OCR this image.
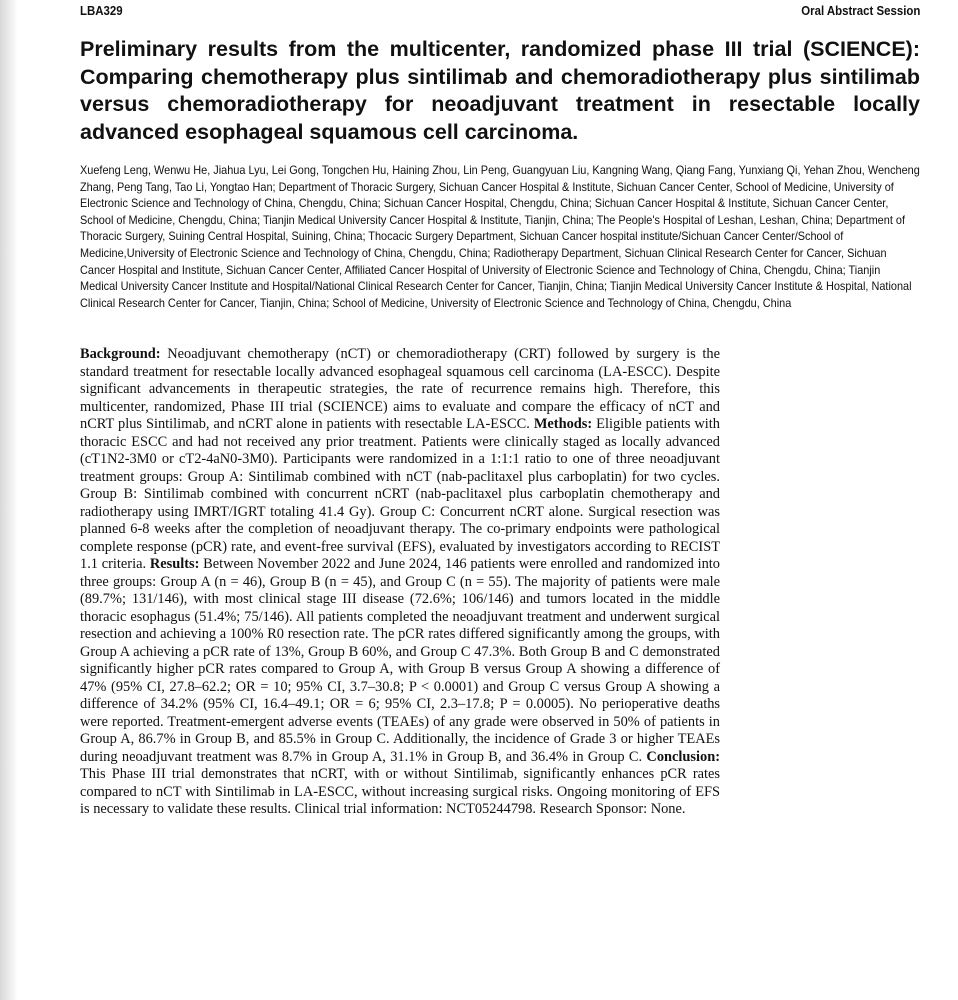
LBA329	Oral Abstract Session
Preliminary results from the multicenter, randomized phase III trial (SCIENCE): Comparing chemotherapy plus sintilimab and chemoradiotherapy plus sintilimab versus chemoradiotherapy for neoadjuvant treatment in resectable locally advanced esophageal squamous cell carcinoma.

Xuefeng Leng, Wenwu He, Jiahua Lyu, Lei Gong, Tongchen Hu, Haining Zhou, Lin Peng, Guangyuan Liu, Kangning Wang, Qiang Fang, Yunxiang Qi, Yehan Zhou, Wencheng Zhang, Peng Tang, Tao Li, Yongtao Han; Department of Thoracic Surgery, Sichuan Cancer Hospital & Institute, Sichuan Cancer Center, School of Medicine, University of Electronic Science and Technology of China, Chengdu, China; Sichuan Cancer Hospital, Chengdu, China; Sichuan Cancer Hospital & Institute, Sichuan Cancer Center, School of Medicine, Chengdu, China; Tianjin Medical University Cancer Hospital & Institute, Tianjin, China; The People's Hospital of Leshan, Leshan, China; Department of Thoracic Surgery, Suining Central Hospital, Suining, China; Thocacic Surgery Department, Sichuan Cancer hospital institute/Sichuan Cancer Center/School of Medicine,University of Electronic Science and Technology of China, Chengdu, China; Radiotherapy Department, Sichuan Clinical Research Center for Cancer, Sichuan Cancer Hospital and Institute, Sichuan Cancer Center, Affiliated Cancer Hospital of University of Electronic Science and Technology of China, Chengdu, China; Tianjin Medical University Cancer Institute and Hospital/National Clinical Research Center for Cancer, Tianjin, China; Tianjin Medical University Cancer Institute & Hospital, National Clinical Research Center for Cancer, Tianjin, China; School of Medicine, University of Electronic Science and Technology of China, Chengdu, China

Background: Neoadjuvant chemotherapy (nCT) or chemoradiotherapy (CRT) followed by surgery is the standard treatment for resectable locally advanced esophageal squamous cell carcinoma (LA-ESCC). Despite significant advancements in therapeutic strategies, the rate of recurrence remains high. Therefore, this multicenter, randomized, Phase III trial (SCIENCE) aims to evaluate and compare the efficacy of nCT and nCRT plus Sintilimab, and nCRT alone in patients with resectable LA-ESCC. Methods: Eligible patients with thoracic ESCC and had not received any prior treatment. Patients were clinically staged as locally advanced (cT1N2-3M0 or cT2-4aN0-3M0). Participants were randomized in a 1:1:1 ratio to one of three neoadjuvant treatment groups: Group A: Sintilimab combined with nCT (nab-paclitaxel plus carboplatin) for two cycles. Group B: Sintilimab combined with concurrent nCRT (nab-paclitaxel plus carboplatin chemotherapy and radiotherapy using IMRT/IGRT totaling 41.4 Gy). Group C: Concurrent nCRT alone. Surgical resection was planned 6-8 weeks after the completion of neoadjuvant therapy. The co-primary endpoints were pathological complete response (pCR) rate, and event-free survival (EFS), evaluated by investigators according to RECIST 1.1 criteria. Results: Between November 2022 and June 2024, 146 patients were enrolled and randomized into three groups: Group A (n = 46), Group B (n = 45), and Group C (n = 55). The majority of patients were male (89.7%; 131/146), with most clinical stage III disease (72.6%; 106/146) and tumors located in the middle thoracic esophagus (51.4%; 75/146). All patients completed the neoadjuvant treatment and underwent surgical resection and achieving a 100% R0 resection rate. The pCR rates differed significantly among the groups, with Group A achieving a pCR rate of 13%, Group B 60%, and Group C 47.3%. Both Group B and C demonstrated significantly higher pCR rates compared to Group A, with Group B versus Group A showing a difference of 47% (95% CI, 27.8–62.2; OR = 10; 95% CI, 3.7–30.8; P < 0.0001) and Group C versus Group A showing a difference of 34.2% (95% CI, 16.4–49.1; OR = 6; 95% CI, 2.3–17.8; P = 0.0005). No perioperative deaths were reported. Treatment-emergent adverse events (TEAEs) of any grade were observed in 50% of patients in Group A, 86.7% in Group B, and 85.5% in Group C. Additionally, the incidence of Grade 3 or higher TEAEs during neoadjuvant treatment was 8.7% in Group A, 31.1% in Group B, and 36.4% in Group C. Conclusion: This Phase III trial demonstrates that nCRT, with or without Sintilimab, significantly enhances pCR rates compared to nCT with Sintilimab in LA-ESCC, without increasing surgical risks. Ongoing monitoring of EFS is necessary to validate these results. Clinical trial information: NCT05244798. Research Sponsor: None.
